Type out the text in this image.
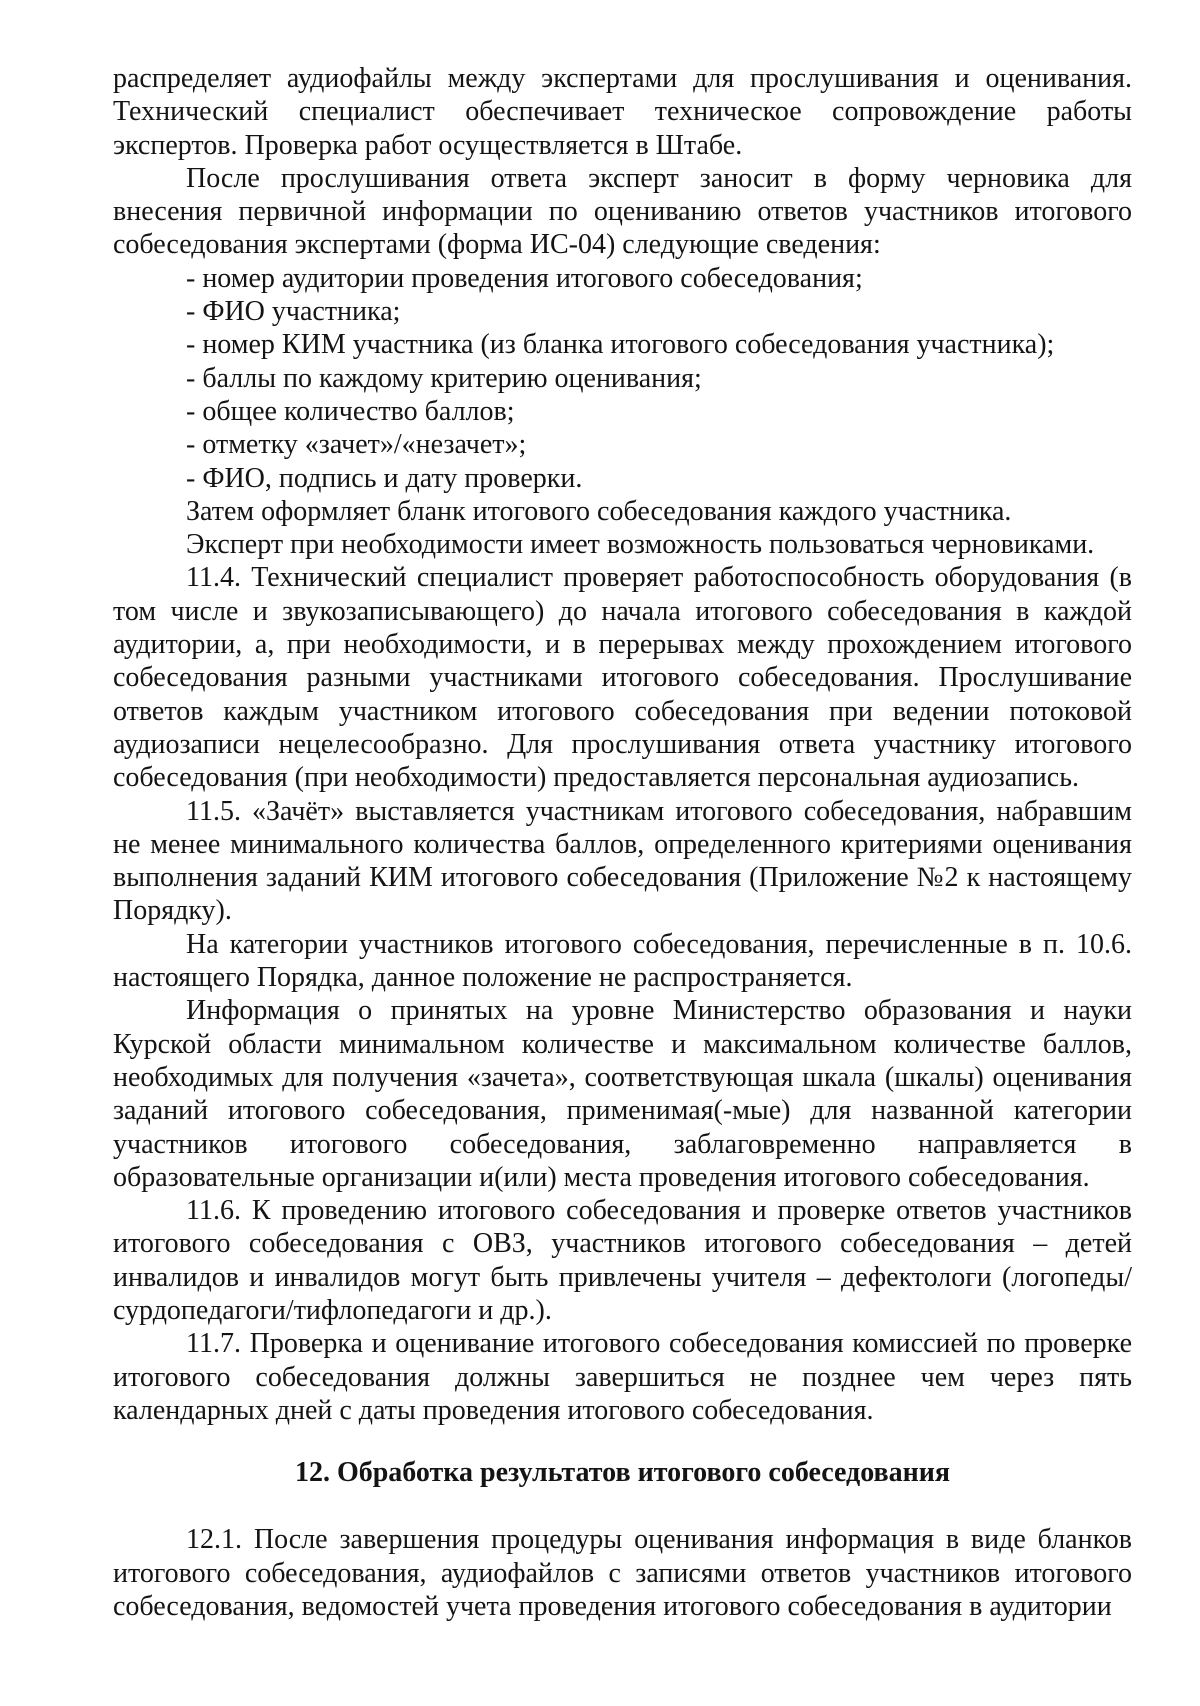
распределяет аудиофайлы между экспертами для прослушивания и оценивания. Технический специалист обеспечивает техническое сопровождение работы экспертов. Проверка работ осуществляется в Штабе.

После прослушивания ответа эксперт заносит в форму черновика для внесения первичной информации по оцениванию ответов участников итогового собеседования экспертами (форма ИС-04) следующие сведения:

- номер аудитории проведения итогового собеседования;

- ФИО участника;

- номер КИМ участника (из бланка итогового собеседования участника);

- баллы по каждому критерию оценивания;

- общее количество баллов;

- отметку «зачет»/«незачет»;

- ФИО, подпись и дату проверки.

Затем оформляет бланк итогового собеседования каждого участника.

Эксперт при необходимости имеет возможность пользоваться черновиками.

11.4. Технический специалист проверяет работоспособность оборудования (в том числе и звукозаписывающего) до начала итогового собеседования в каждой аудитории, а, при необходимости, и в перерывах между прохождением итогового собеседования разными участниками итогового собеседования. Прослушивание ответов каждым участником итогового собеседования при ведении потоковой аудиозаписи нецелесообразно. Для прослушивания ответа участнику итогового собеседования (при необходимости) предоставляется персональная аудиозапись.

11.5. «Зачёт» выставляется участникам итогового собеседования, набравшим не менее минимального количества баллов, определенного критериями оценивания выполнения заданий КИМ итогового собеседования (Приложение №2 к настоящему Порядку).

На категории участников итогового собеседования, перечисленные в п. 10.6. настоящего Порядка, данное положение не распространяется.

Информация о принятых на уровне Министерство образования и науки Курской области минимальном количестве и максимальном количестве баллов, необходимых для получения «зачета», соответствующая шкала (шкалы) оценивания заданий итогового собеседования, применимая(-мые) для названной категории участников итогового собеседования, заблаговременно направляется в образовательные организации и(или) места проведения итогового собеседования.

11.6. К проведению итогового собеседования и проверке ответов участников итогового собеседования с ОВЗ, участников итогового собеседования – детей инвалидов и инвалидов могут быть привлечены учителя – дефектологи (логопеды/ сурдопедагоги/тифлопедагоги и др.).

11.7. Проверка и оценивание итогового собеседования комиссией по проверке итогового собеседования должны завершиться не позднее чем через пять календарных дней с даты проведения итогового собеседования.

12. Обработка результатов итогового собеседования

12.1. После завершения процедуры оценивания информация в виде бланков итогового собеседования, аудиофайлов с записями ответов участников итогового собеседования, ведомостей учета проведения итогового собеседования в аудитории
